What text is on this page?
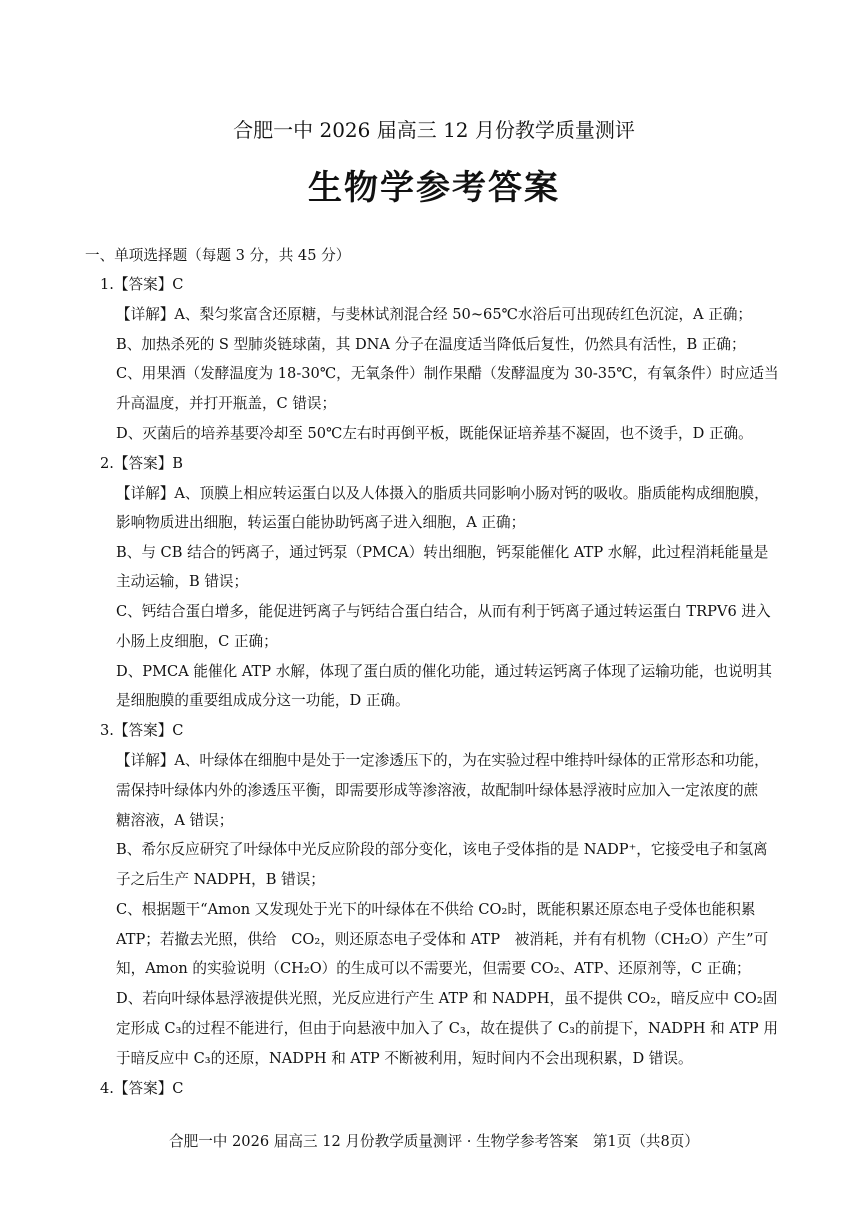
合肥一中 2026 届高三 12 月份教学质量测评
生物学参考答案
一、单项选择题（每题 3 分，共 45 分）
1.【答案】C
【详解】A、梨匀浆富含还原糖，与斐林试剂混合经 50~65℃水浴后可出现砖红色沉淀，A 正确；
B、加热杀死的 S 型肺炎链球菌，其 DNA 分子在温度适当降低后复性，仍然具有活性，B 正确；
C、用果酒（发酵温度为 18-30℃，无氧条件）制作果醋（发酵温度为 30-35℃，有氧条件）时应适当
升高温度，并打开瓶盖，C 错误；
D、灭菌后的培养基要冷却至 50℃左右时再倒平板，既能保证培养基不凝固，也不烫手，D 正确。
2.【答案】B
【详解】A、顶膜上相应转运蛋白以及人体摄入的脂质共同影响小肠对钙的吸收。脂质能构成细胞膜，
影响物质进出细胞，转运蛋白能协助钙离子进入细胞，A 正确；
B、与 CB 结合的钙离子，通过钙泵（PMCA）转出细胞，钙泵能催化 ATP 水解，此过程消耗能量是
主动运输，B 错误；
C、钙结合蛋白增多，能促进钙离子与钙结合蛋白结合，从而有利于钙离子通过转运蛋白 TRPV6 进入
小肠上皮细胞，C 正确；
D、PMCA 能催化 ATP 水解，体现了蛋白质的催化功能，通过转运钙离子体现了运输功能，也说明其
是细胞膜的重要组成成分这一功能，D 正确。
3.【答案】C
【详解】A、叶绿体在细胞中是处于一定渗透压下的，为在实验过程中维持叶绿体的正常形态和功能，
需保持叶绿体内外的渗透压平衡，即需要形成等渗溶液，故配制叶绿体悬浮液时应加入一定浓度的蔗
糖溶液，A 错误；
B、希尔反应研究了叶绿体中光反应阶段的部分变化，该电子受体指的是 NADP⁺，它接受电子和氢离
子之后生产 NADPH，B 错误；
C、根据题干“Amon 又发现处于光下的叶绿体在不供给 CO₂时，既能积累还原态电子受体也能积累
ATP；若撤去光照，供给　CO₂，则还原态电子受体和 ATP　被消耗，并有有机物（CH₂O）产生”可
知，Amon 的实验说明（CH₂O）的生成可以不需要光，但需要 CO₂、ATP、还原剂等，C 正确；
D、若向叶绿体悬浮液提供光照，光反应进行产生 ATP 和 NADPH，虽不提供 CO₂，暗反应中 CO₂固
定形成 C₃的过程不能进行，但由于向悬液中加入了 C₃，故在提供了 C₃的前提下，NADPH 和 ATP 用
于暗反应中 C₃的还原，NADPH 和 ATP 不断被利用，短时间内不会出现积累，D 错误。
4.【答案】C
合肥一中 2026 届高三 12 月份教学质量测评 · 生物学参考答案　第1页（共8页）
